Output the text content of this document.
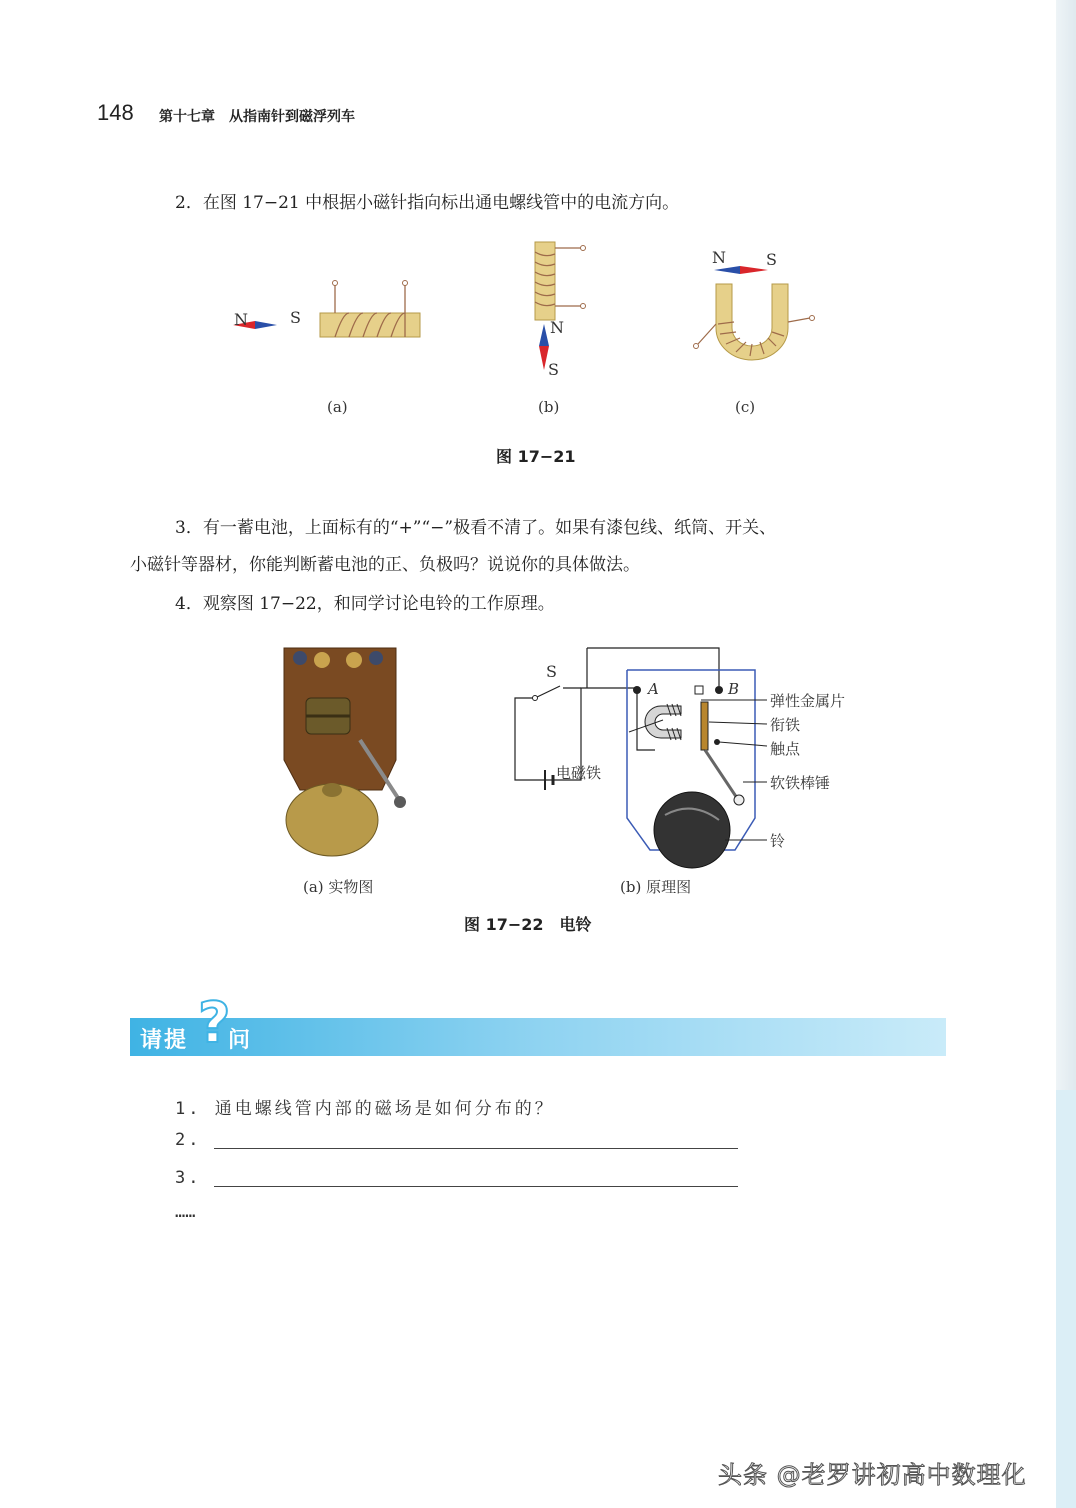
148 第十七章　从指南针到磁浮列车
2．在图 17−21 中根据小磁针指向标出通电螺线管中的电流方向。
N	S
(a)
N
S
(b)
N	S
(c)
图 17−21
3．有一蓄电池，上面标有的“+”“−”极看不清了。如果有漆包线、纸筒、开关、
小磁针等器材，你能判断蓄电池的正、负极吗？说说你的具体做法。
4．观察图 17−22，和同学讨论电铃的工作原理。
(a) 实物图
S
A	B
电磁铁
弹性金属片
衔铁
触点
软铁棒锤
铃
(b) 原理图
图 17−22　电铃
请提 问
?
1. 通电螺线管内部的磁场是如何分布的？
2.
3.
……
头条 @老罗讲初高中数理化
